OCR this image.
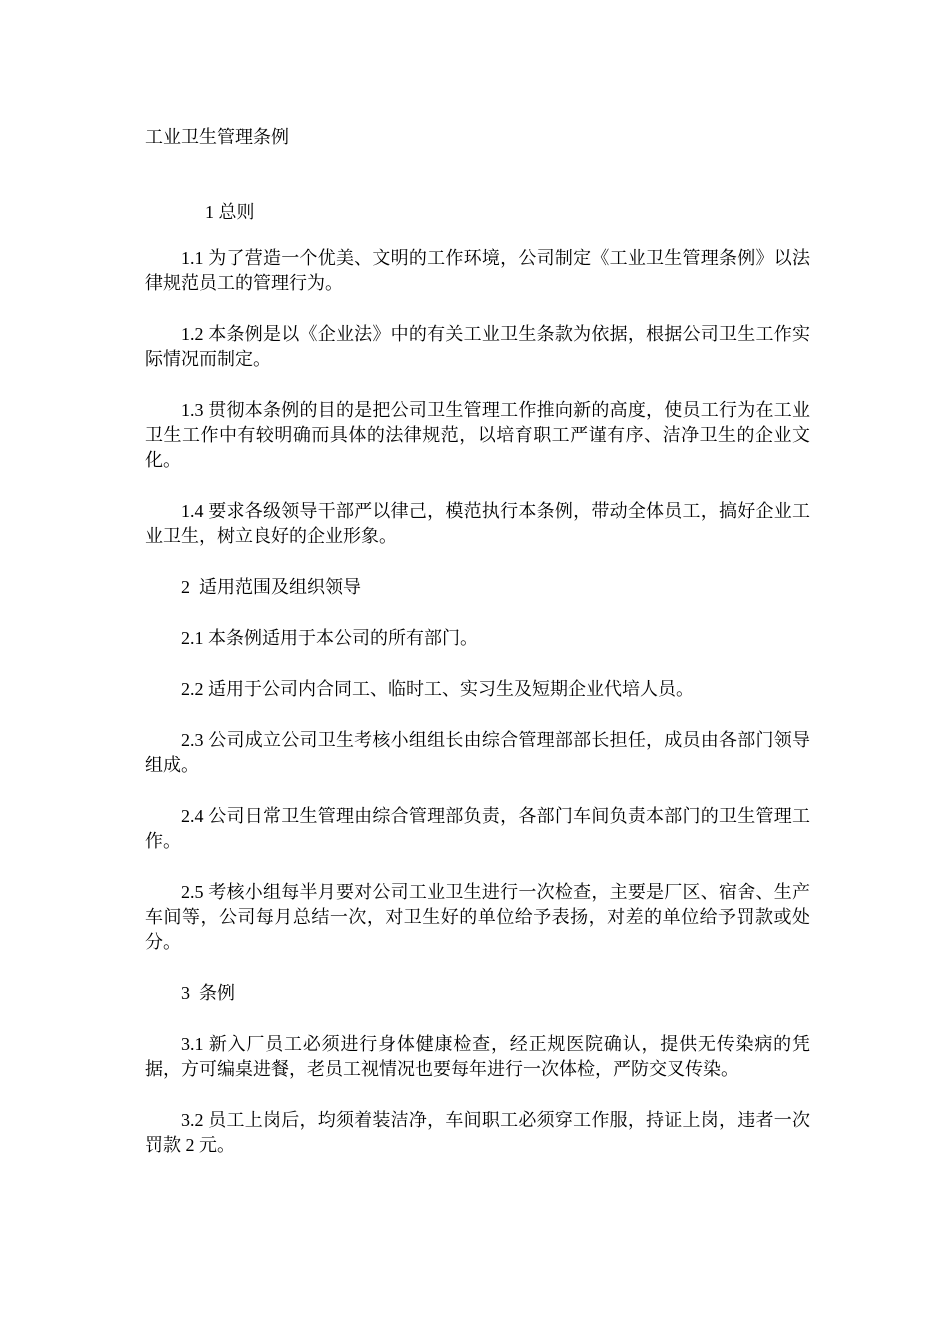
工业卫生管理条例
1 总则

1.1 为了营造一个优美、文明的工作环境，公司制定《工业卫生管理条例》以法律规范员工的管理行为。

1.2 本条例是以《企业法》中的有关工业卫生条款为依据，根据公司卫生工作实际情况而制定。

1.3 贯彻本条例的目的是把公司卫生管理工作推向新的高度，使员工行为在工业卫生工作中有较明确而具体的法律规范，以培育职工严谨有序、洁净卫生的企业文化。

1.4 要求各级领导干部严以律己，模范执行本条例，带动全体员工，搞好企业工业卫生，树立良好的企业形象。

2  适用范围及组织领导

2.1 本条例适用于本公司的所有部门。

2.2 适用于公司内合同工、临时工、实习生及短期企业代培人员。

2.3 公司成立公司卫生考核小组组长由综合管理部部长担任，成员由各部门领导组成。

2.4 公司日常卫生管理由综合管理部负责，各部门车间负责本部门的卫生管理工作。

2.5 考核小组每半月要对公司工业卫生进行一次检查，主要是厂区、宿舍、生产车间等，公司每月总结一次，对卫生好的单位给予表扬，对差的单位给予罚款或处分。

3  条例

3.1 新入厂员工必须进行身体健康检查，经正规医院确认，提供无传染病的凭据，方可编桌进餐，老员工视情况也要每年进行一次体检，严防交叉传染。

3.2 员工上岗后，均须着装洁净，车间职工必须穿工作服，持证上岗，违者一次罚款 2 元。
